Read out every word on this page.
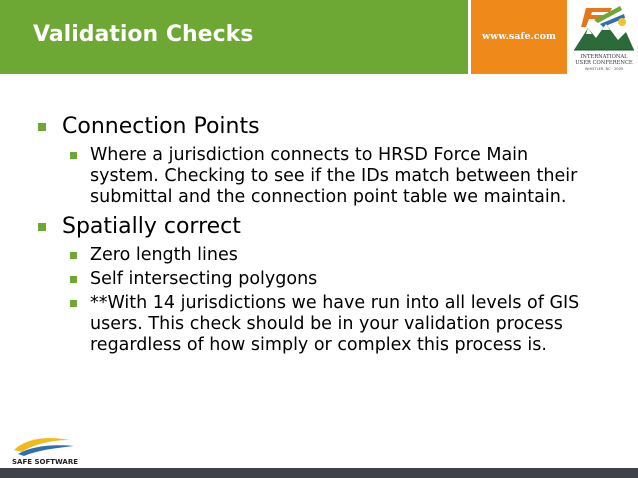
Validation Checks	www.safe.com
INTERNATIONAL
USER CONFERENCE
WHISTLER, BC · 2009
Connection Points
Where a jurisdiction connects to HRSD Force Main system. Checking to see if the IDs match between their submittal and the connection point table we maintain.
Spatially correct
Zero length lines
Self intersecting polygons
**With 14 jurisdictions we have run into all levels of GIS users. This check should be in your validation process regardless of how simply or complex this process is.
SAFE SOFTWARE
